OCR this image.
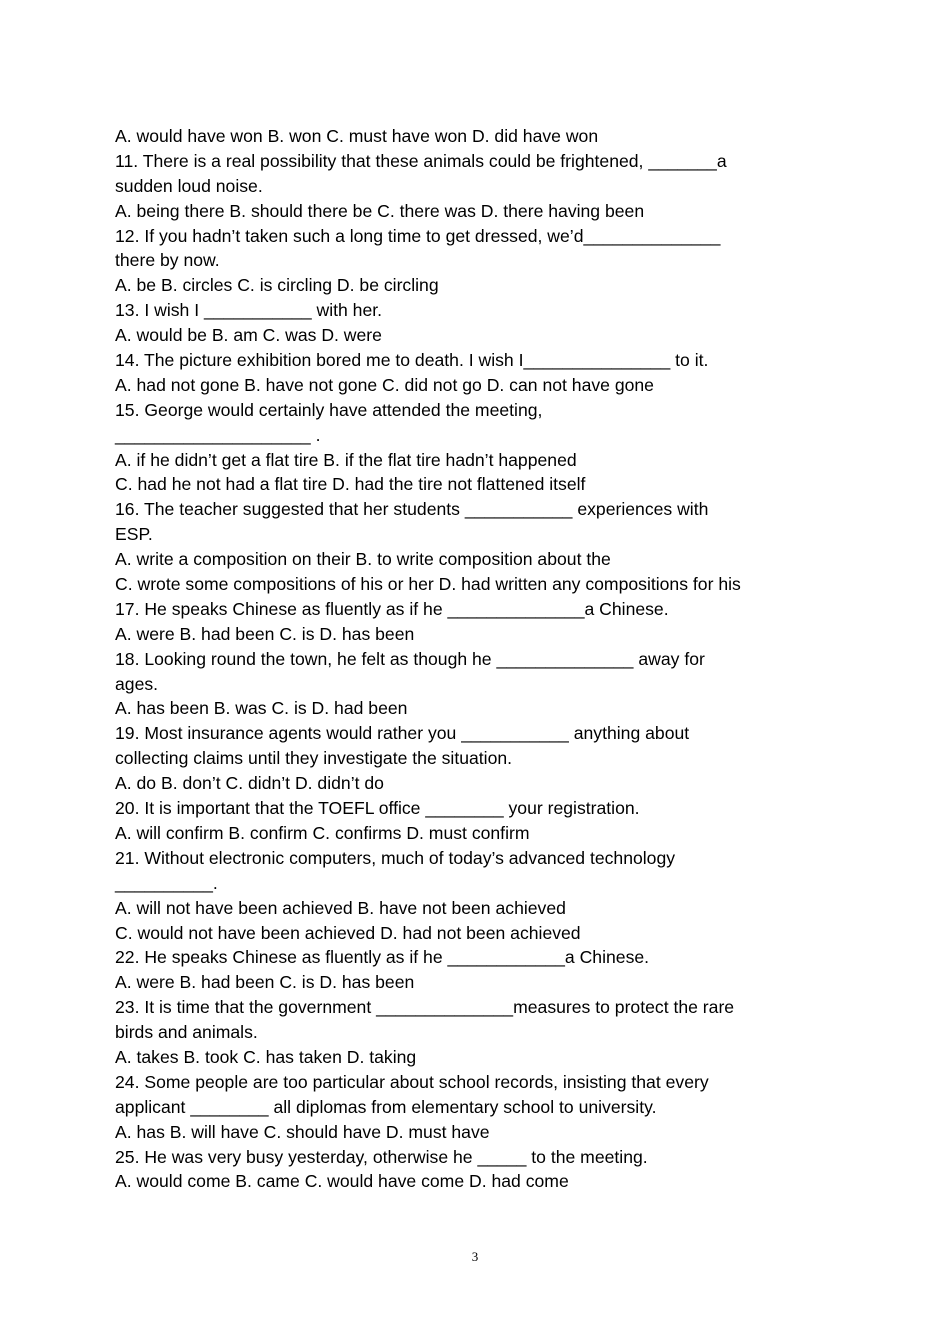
A. would have won B. won C. must have won D. did have won
11. There is a real possibility that these animals could be frightened, _______a
sudden loud noise.
A. being there B. should there be C. there was D. there having been
12. If you hadn’t taken such a long time to get dressed, we’d______________
there by now.
A. be B. circles C. is circling D. be circling
13. I wish I ___________ with her.
A. would be B. am C. was D. were
14. The picture exhibition bored me to death. I wish I_______________ to it.
A. had not gone B. have not gone C. did not go D. can not have gone
15. George would certainly have attended the meeting,
____________________ .
A. if he didn’t get a flat tire B. if the flat tire hadn’t happened
C. had he not had a flat tire D. had the tire not flattened itself
16. The teacher suggested that her students ___________ experiences with
ESP.
A. write a composition on their B. to write composition about the
C. wrote some compositions of his or her D. had written any compositions for his
17. He speaks Chinese as fluently as if he ______________a Chinese.
A. were B. had been C. is D. has been
18. Looking round the town, he felt as though he ______________ away for
ages.
A. has been B. was C. is D. had been
19. Most insurance agents would rather you ___________ anything about
collecting claims until they investigate the situation.
A. do B. don’t C. didn’t D. didn’t do
20. It is important that the TOEFL office ________ your registration.
A. will confirm B. confirm C. confirms D. must confirm
21. Without electronic computers, much of today’s advanced technology
__________.
A. will not have been achieved B. have not been achieved
C. would not have been achieved D. had not been achieved
22. He speaks Chinese as fluently as if he ____________a Chinese.
A. were B. had been C. is D. has been
23. It is time that the government ______________measures to protect the rare
birds and animals.
A. takes B. took C. has taken D. taking
24. Some people are too particular about school records, insisting that every
applicant ________ all diplomas from elementary school to university.
A. has B. will have C. should have D. must have
25. He was very busy yesterday, otherwise he _____ to the meeting.
A. would come B. came C. would have come D. had come
3
